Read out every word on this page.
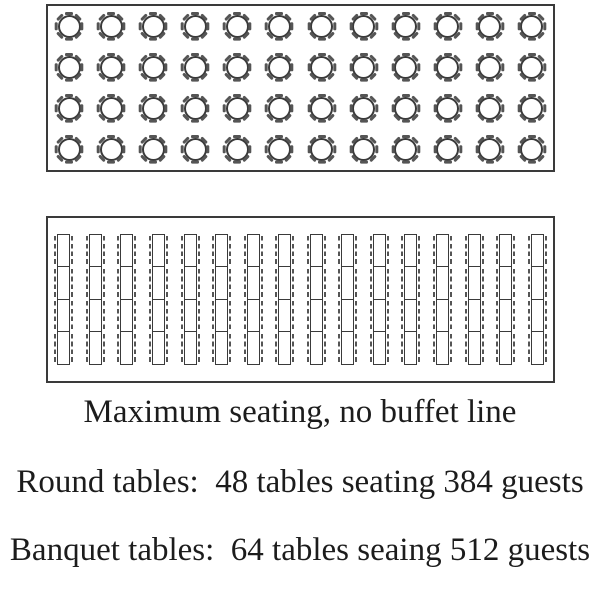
Maximum seating, no buffet line
Round tables:  48 tables seating 384 guests
Banquet tables:  64 tables seaing 512 guests
